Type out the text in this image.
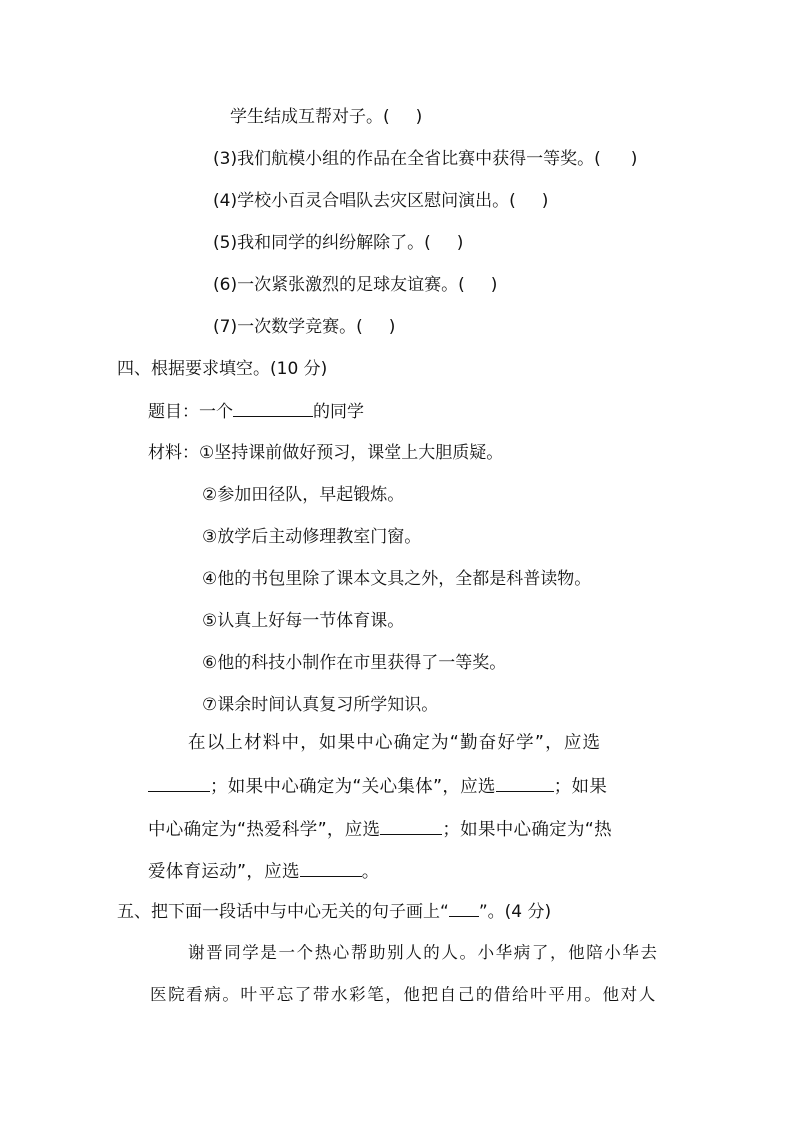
学生结成互帮对子。( )
(3)我们航模小组的作品在全省比赛中获得一等奖。( )
(4)学校小百灵合唱队去灾区慰问演出。( )
(5)我和同学的纠纷解除了。( )
(6)一次紧张激烈的足球友谊赛。( )
(7)一次数学竞赛。( )
四、根据要求填空。(10 分)
题目：一个	的同学
材料：①坚持课前做好预习，课堂上大胆质疑。
②参加田径队，早起锻炼。
③放学后主动修理教室门窗。
④他的书包里除了课本文具之外，全都是科普读物。
⑤认真上好每一节体育课。
⑥他的科技小制作在市里获得了一等奖。
⑦课余时间认真复习所学知识。
在以上材料中，如果中心确定为“勤奋好学”，应选
；如果中心确定为“关心集体”，应选	；如果
中心确定为“热爱科学”，应选	；如果中心确定为“热
爱体育运动”，应选	。
五、把下面一段话中与中心无关的句子画上“ ”。(4 分)
谢晋同学是一个热心帮助别人的人。小华病了，他陪小华去
医院看病。叶平忘了带水彩笔，他把自己的借给叶平用。他对人
